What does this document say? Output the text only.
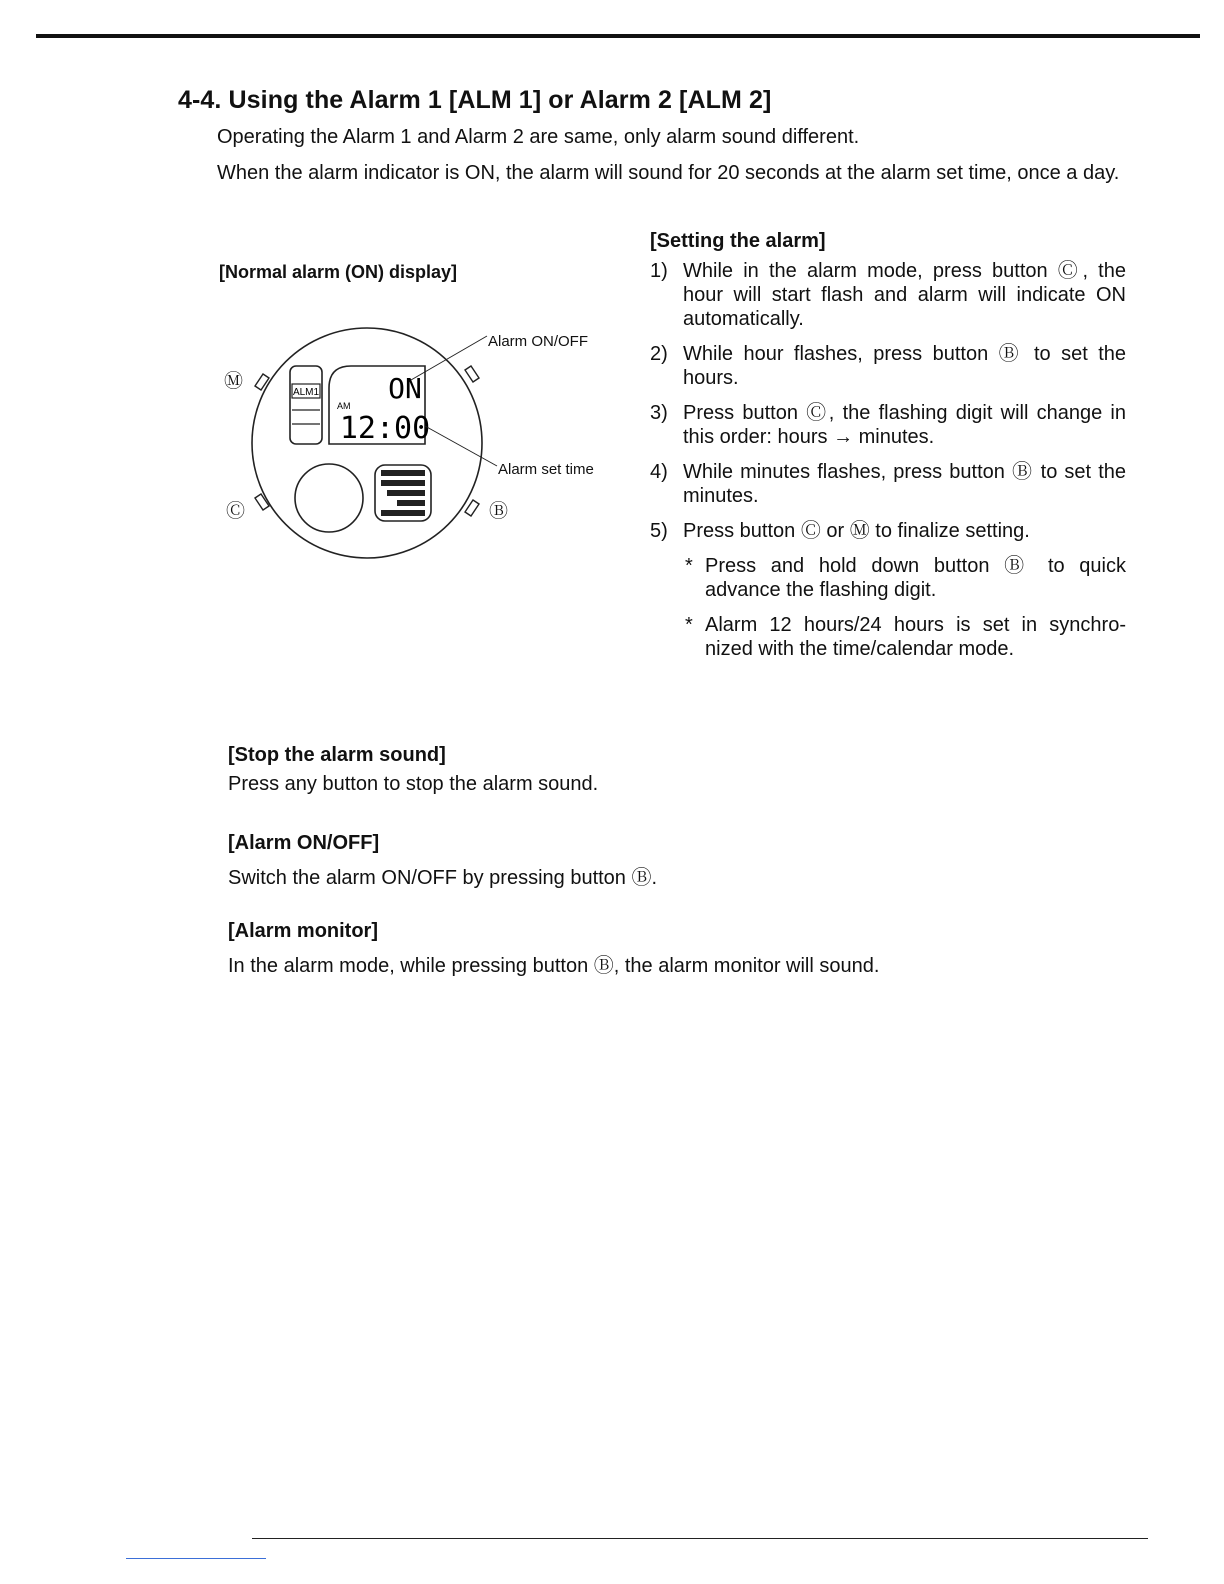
4-4. Using the Alarm 1 [ALM 1] or Alarm 2 [ALM 2]

Operating the Alarm 1 and Alarm 2 are same, only alarm sound different.

When the alarm indicator is ON, the alarm will sound for 20 seconds at the alarm set time, once a day.

[Normal alarm (ON) display]

ALM1
AM
ON
12:00
Ⓜ
Ⓒ	Ⓑ
Alarm ON/OFF
Alarm set time

[Setting the alarm]

1) While in the alarm mode, press button Ⓒ, the hour will start flash and alarm will indicate ON automatically.
2) While hour flashes, press button Ⓑ to set the hours.
3) Press button Ⓒ, the flashing digit will change in this order: hours → minutes.
4) While minutes flashes, press button Ⓑ to set the minutes.
5) Press button Ⓒ or Ⓜ to finalize setting.
* Press and hold down button Ⓑ to quick advance the flashing digit.
* Alarm 12 hours/24 hours is set in synchro-nized with the time/calendar mode.
[Stop the alarm sound]

Press any button to stop the alarm sound.

[Alarm ON/OFF]

Switch the alarm ON/OFF by pressing button Ⓑ.

[Alarm monitor]

In the alarm mode, while pressing button Ⓑ, the alarm monitor will sound.
